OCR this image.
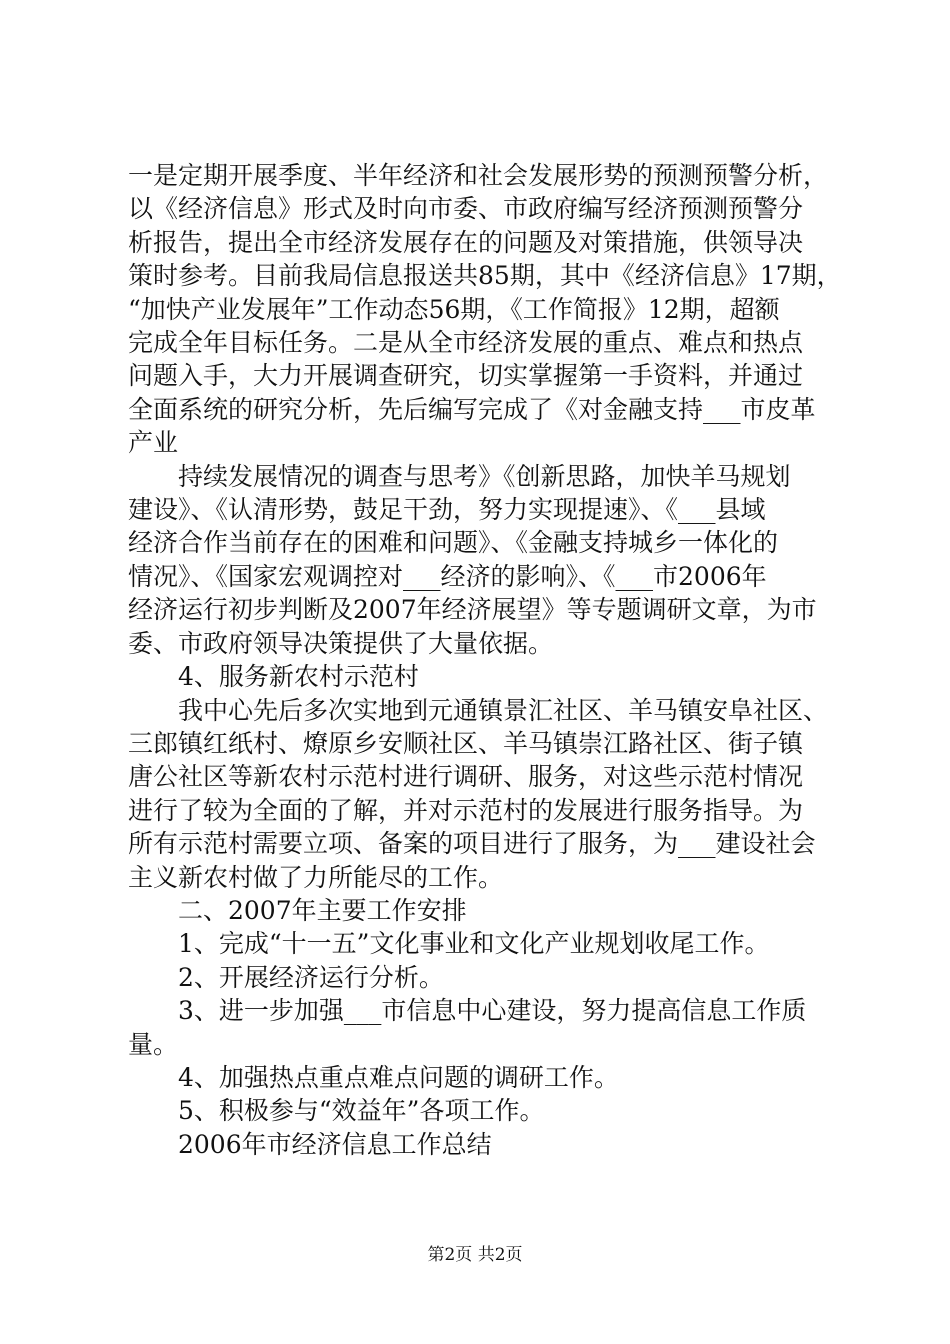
一是定期开展季度、半年经济和社会发展形势的预测预警分析，

以《经济信息》形式及时向市委、市政府编写经济预测预警分

析报告，提出全市经济发展存在的问题及对策措施，供领导决

策时参考。目前我局信息报送共85期，其中《经济信息》17期，

“加快产业发展年”工作动态56期，《工作简报》12期，超额

完成全年目标任务。二是从全市经济发展的重点、难点和热点

问题入手，大力开展调查研究，切实掌握第一手资料，并通过

全面系统的研究分析，先后编写完成了《对金融支持___市皮革

产业

持续发展情况的调查与思考》《创新思路，加快羊马规划

建设》、《认清形势，鼓足干劲，努力实现提速》、《___县域

经济合作当前存在的困难和问题》、《金融支持城乡一体化的

情况》、《国家宏观调控对___经济的影响》、《___市2006年

经济运行初步判断及2007年经济展望》等专题调研文章，为市

委、市政府领导决策提供了大量依据。

4、服务新农村示范村

我中心先后多次实地到元通镇景汇社区、羊马镇安阜社区、

三郎镇红纸村、燎原乡安顺社区、羊马镇崇江路社区、街子镇

唐公社区等新农村示范村进行调研、服务，对这些示范村情况

进行了较为全面的了解，并对示范村的发展进行服务指导。为

所有示范村需要立项、备案的项目进行了服务，为___建设社会

主义新农村做了力所能尽的工作。

二、2007年主要工作安排

1、完成“十一五”文化事业和文化产业规划收尾工作。

2、开展经济运行分析。

3、进一步加强___市信息中心建设，努力提高信息工作质

量。

4、加强热点重点难点问题的调研工作。

5、积极参与“效益年”各项工作。

2006年市经济信息工作总结

第2页 共2页
